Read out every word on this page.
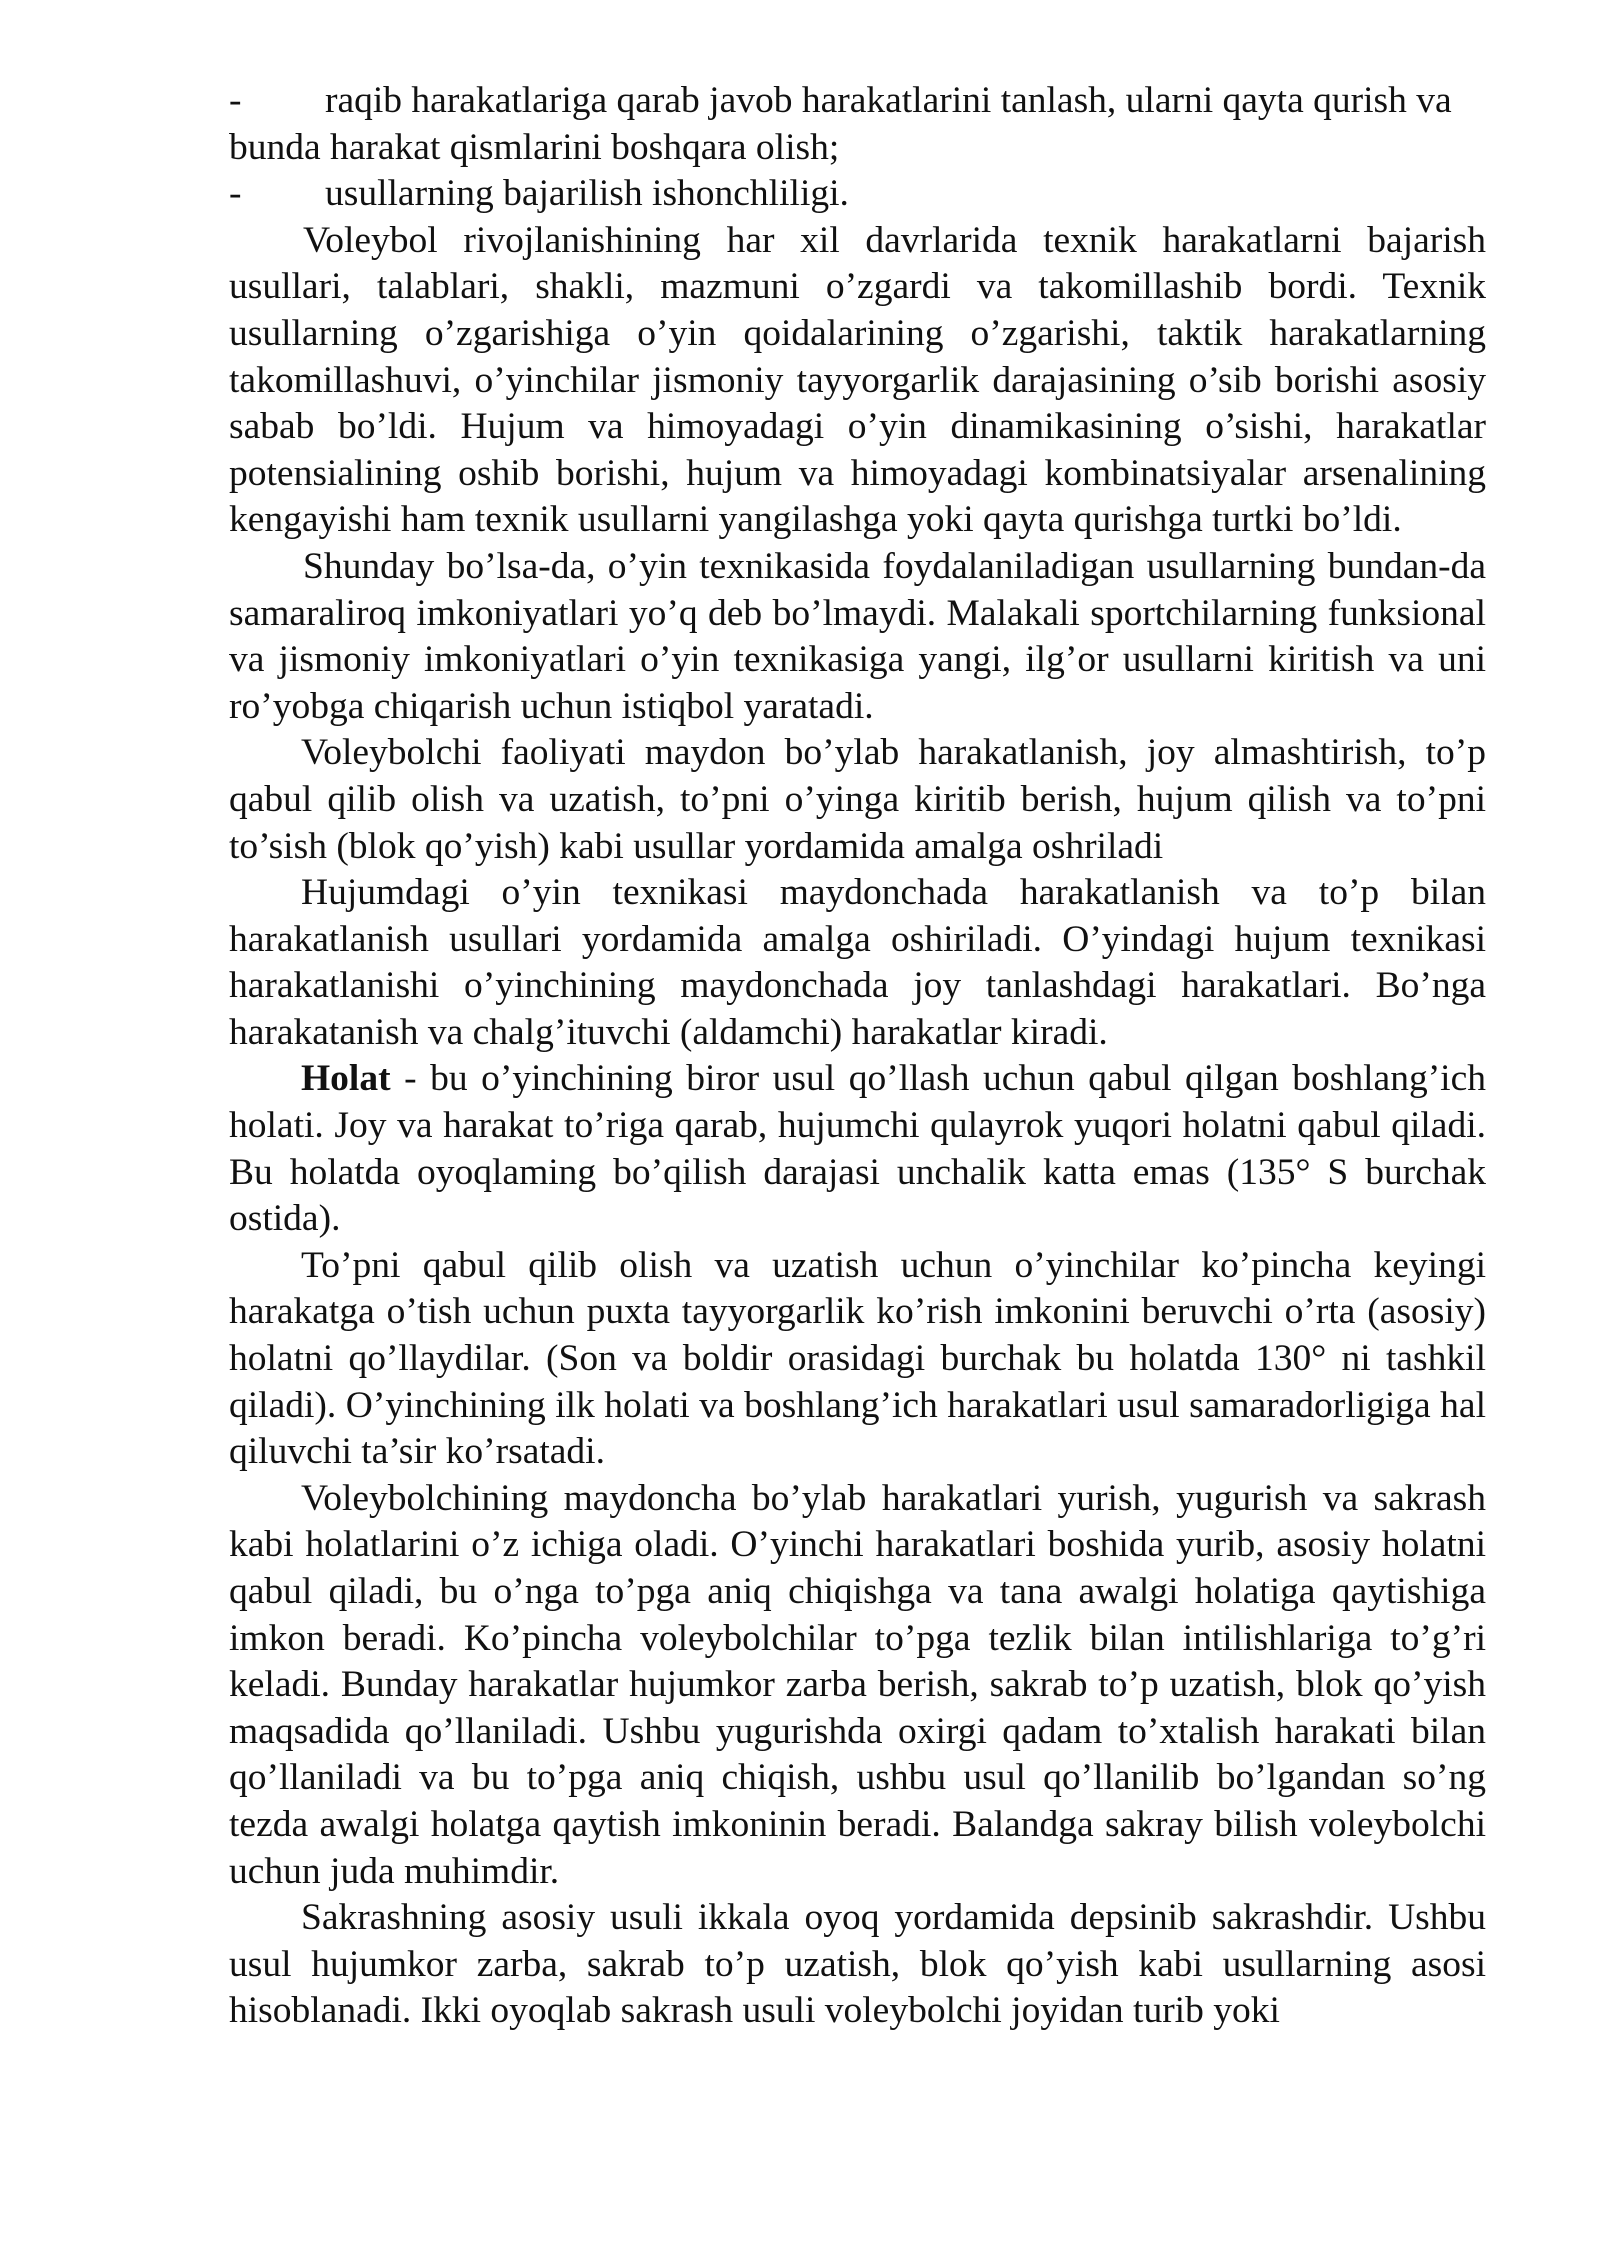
-	raqib harakatlariga qarab javob harakatlarini tanlash, ularni qayta qurish va
bunda harakat qismlarini boshqara olish;
-	usullarning bajarilish ishonchliligi.

Voleybol rivojlanishining har xil davrlarida texnik harakatlarni bajarish usullari, talablari, shakli, mazmuni o’zgardi va takomillashib bordi. Texnik usullarning o’zgarishiga o’yin qoidalarining o’zgarishi, taktik harakatlarning takomillashuvi, o’yinchilar jismoniy tayyorgarlik darajasining o’sib borishi asosiy sabab bo’ldi. Hujum va himoyadagi o’yin dinamikasining o’sishi, harakatlar potensialining oshib borishi, hujum va himoyadagi kombinatsiyalar arsenalining kengayishi ham texnik usullarni yangilashga yoki qayta qurishga turtki bo’ldi.

Shunday bo’lsa-da, o’yin texnikasida foydalaniladigan usullarning bundan-da samaraliroq imkoniyatlari yo’q deb bo’lmaydi. Malakali sportchilarning funksional va jismoniy imkoniyatlari o’yin texnikasiga yangi, ilg’or usullarni kiritish va uni ro’yobga chiqarish uchun istiqbol yaratadi.

Voleybolchi faoliyati maydon bo’ylab harakatlanish, joy almashtirish, to’p qabul qilib olish va uzatish, to’pni o’yinga kiritib berish, hujum qilish va to’pni to’sish (blok qo’yish) kabi usullar yordamida amalga oshriladi

Hujumdagi o’yin texnikasi maydonchada harakatlanish va to’p bilan harakatlanish usullari yordamida amalga oshiriladi. O’yindagi hujum texnikasi harakatlanishi o’yinchining maydonchada joy tanlashdagi harakatlari. Bo’nga harakatanish va chalg’ituvchi (aldamchi) harakatlar kiradi.

Holat - bu o’yinchining biror usul qo’llash uchun qabul qilgan boshlang’ich holati. Joy va harakat to’riga qarab, hujumchi qulayrok yuqori holatni qabul qiladi. Bu holatda oyoqlaming bo’qilish darajasi unchalik katta emas (135° S burchak ostida).

To’pni qabul qilib olish va uzatish uchun o’yinchilar ko’pincha keyingi harakatga o’tish uchun puxta tayyorgarlik ko’rish imkonini beruvchi o’rta (asosiy) holatni qo’llaydilar. (Son va boldir orasidagi burchak bu holatda 130° ni tashkil qiladi). O’yinchining ilk holati va boshlang’ich harakatlari usul samaradorligiga hal qiluvchi ta’sir ko’rsatadi.

Voleybolchining maydoncha bo’ylab harakatlari yurish, yugurish va sakrash kabi holatlarini o’z ichiga oladi. O’yinchi harakatlari boshida yurib, asosiy holatni qabul qiladi, bu o’nga to’pga aniq chiqishga va tana awalgi holatiga qaytishiga imkon beradi. Ko’pincha voleybolchilar to’pga tezlik bilan intilishlariga to’g’ri keladi. Bunday harakatlar hujumkor zarba berish, sakrab to’p uzatish, blok qo’yish maqsadida qo’llaniladi. Ushbu yugurishda oxirgi qadam to’xtalish harakati bilan qo’llaniladi va bu to’pga aniq chiqish, ushbu usul qo’llanilib bo’lgandan so’ng tezda awalgi holatga qaytish imkoninin beradi. Balandga sakray bilish voleybolchi uchun juda muhimdir.

Sakrashning asosiy usuli ikkala oyoq yordamida depsinib sakrashdir. Ushbu usul hujumkor zarba, sakrab to’p uzatish, blok qo’yish kabi usullarning asosi hisoblanadi. Ikki oyoqlab sakrash usuli voleybolchi joyidan turib yoki
